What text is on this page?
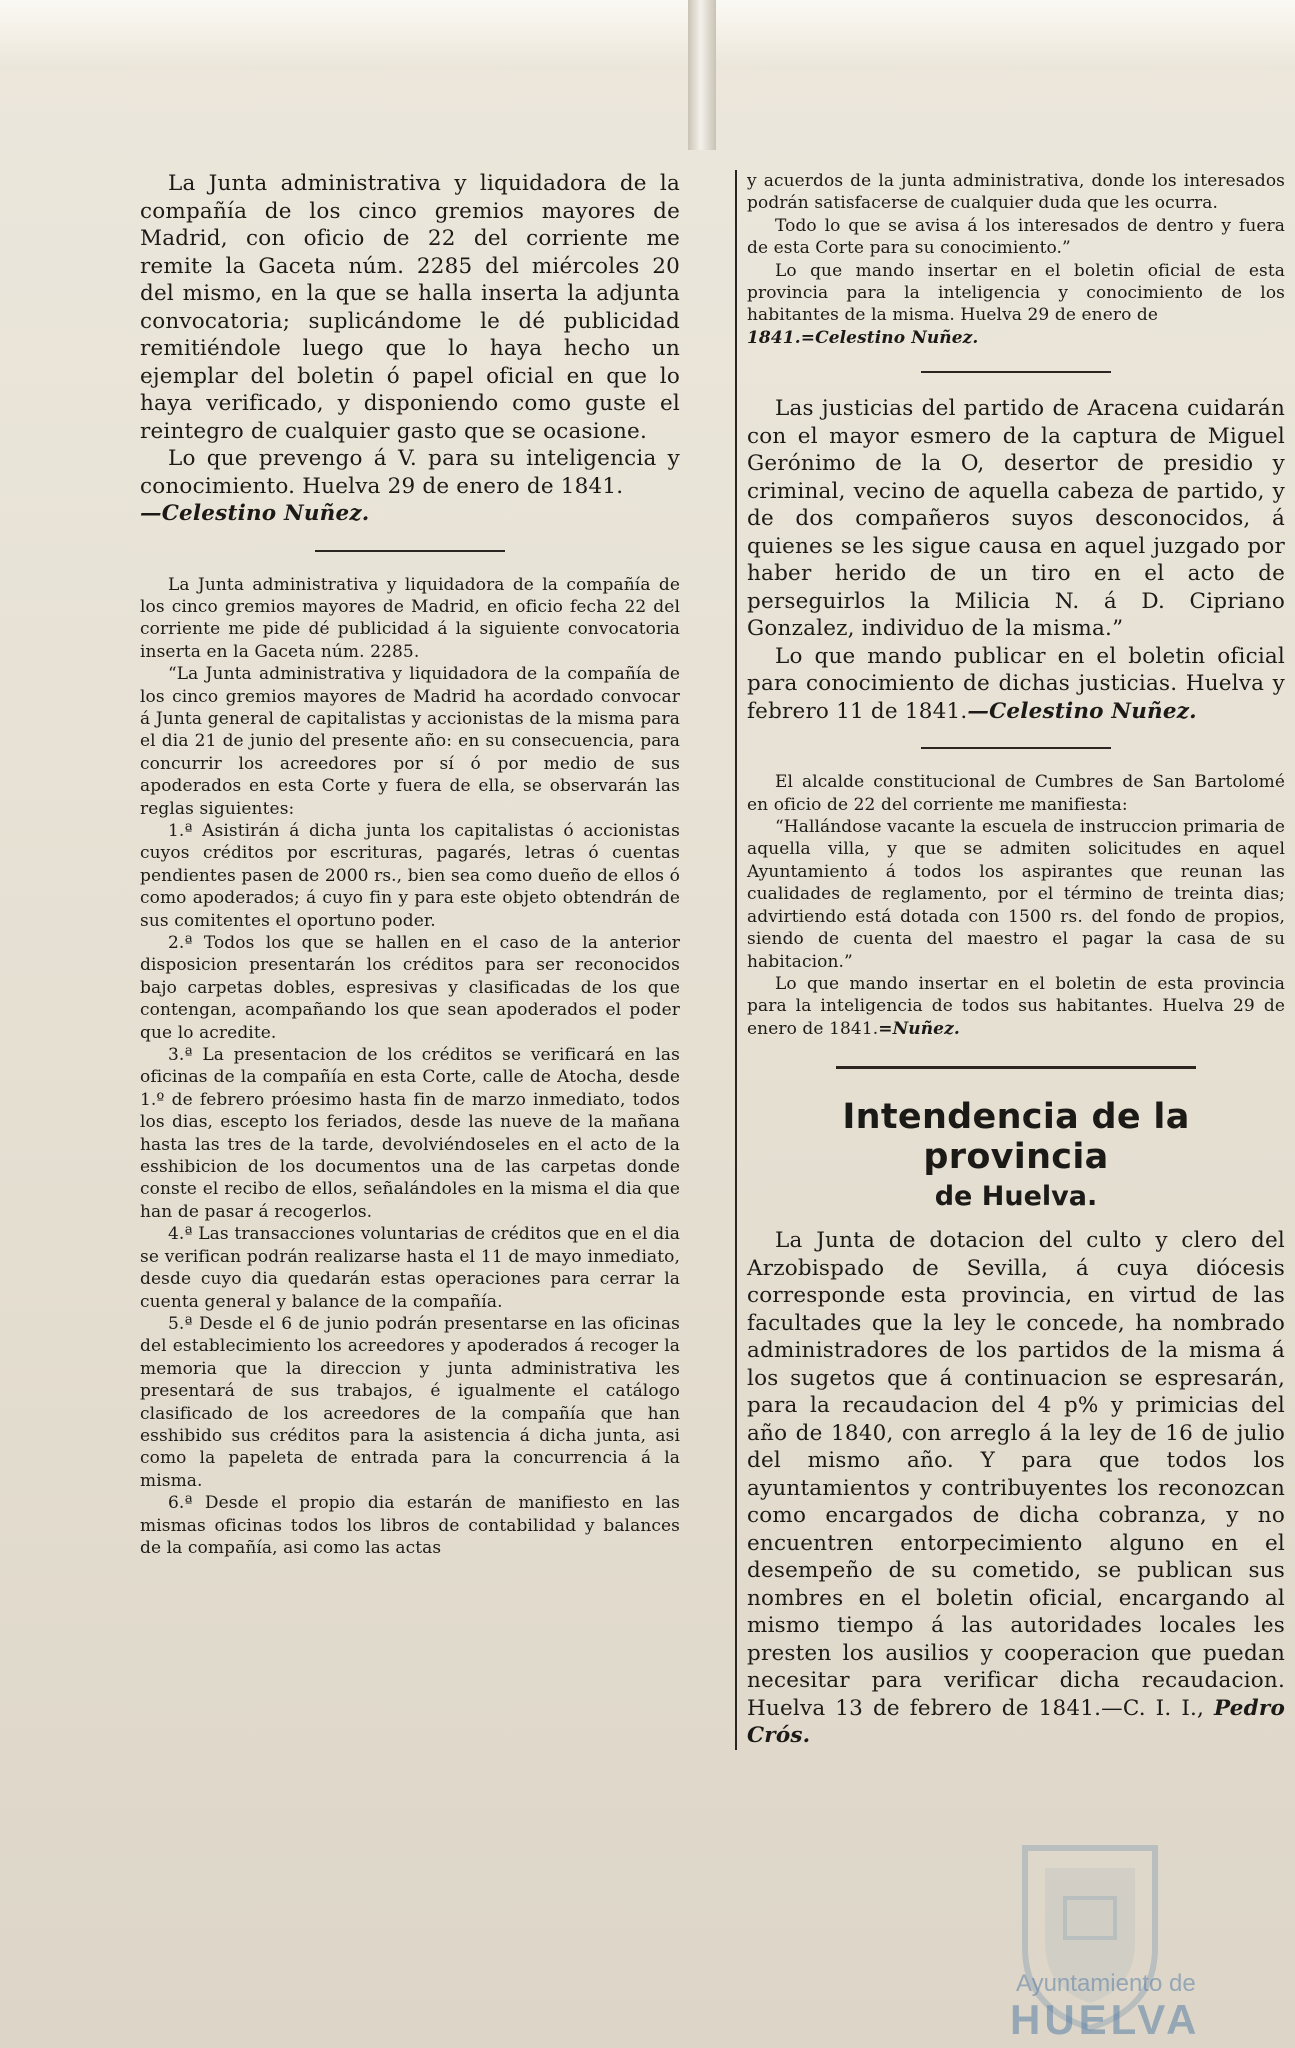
La Junta administrativa y liquidadora de la compañía de los cinco gremios mayores de Madrid, con oficio de 22 del corriente me remite la Gaceta núm. 2285 del miércoles 20 del mismo, en la que se halla inserta la adjunta convocatoria; suplicándome le dé publicidad remitiéndole luego que lo haya hecho un ejemplar del boletin ó papel oficial en que lo haya verificado, y disponiendo como guste el reintegro de cualquier gasto que se ocasione.

Lo que prevengo á V. para su inteligencia y conocimiento. Huelva 29 de enero de 1841.

—Celestino Nuñez.

La Junta administrativa y liquidadora de la compañía de los cinco gremios mayores de Madrid, en oficio fecha 22 del corriente me pide dé publicidad á la siguiente convocatoria inserta en la Gaceta núm. 2285.

“La Junta administrativa y liquidadora de la compañía de los cinco gremios mayores de Madrid ha acordado convocar á Junta general de capitalistas y accionistas de la misma para el dia 21 de junio del presente año: en su consecuencia, para concurrir los acreedores por sí ó por medio de sus apoderados en esta Corte y fuera de ella, se observarán las reglas siguientes:

1.ª Asistirán á dicha junta los capitalistas ó accionistas cuyos créditos por escrituras, pagarés, letras ó cuentas pendientes pasen de 2000 rs., bien sea como dueño de ellos ó como apoderados; á cuyo fin y para este objeto obtendrán de sus comitentes el oportuno poder.

2.ª Todos los que se hallen en el caso de la anterior disposicion presentarán los créditos para ser reconocidos bajo carpetas dobles, espresivas y clasificadas de los que contengan, acompañando los que sean apoderados el poder que lo acredite.

3.ª La presentacion de los créditos se verificará en las oficinas de la compañía en esta Corte, calle de Atocha, desde 1.º de febrero próesimo hasta fin de marzo inmediato, todos los dias, escepto los feriados, desde las nueve de la mañana hasta las tres de la tarde, devolviéndoseles en el acto de la esshibicion de los documentos una de las carpetas donde conste el recibo de ellos, señalándoles en la misma el dia que han de pasar á recogerlos.

4.ª Las transacciones voluntarias de créditos que en el dia se verifican podrán realizarse hasta el 11 de mayo inmediato, desde cuyo dia quedarán estas operaciones para cerrar la cuenta general y balance de la compañía.

5.ª Desde el 6 de junio podrán presentarse en las oficinas del establecimiento los acreedores y apoderados á recoger la memoria que la direccion y junta administrativa les presentará de sus trabajos, é igualmente el catálogo clasificado de los acreedores de la compañía que han esshibido sus créditos para la asistencia á dicha junta, asi como la papeleta de entrada para la concurrencia á la misma.

6.ª Desde el propio dia estarán de manifiesto en las mismas oficinas todos los libros de contabilidad y balances de la compañía, asi como las actas

y acuerdos de la junta administrativa, donde los interesados podrán satisfacerse de cualquier duda que les ocurra.

Todo lo que se avisa á los interesados de dentro y fuera de esta Corte para su conocimiento.”

Lo que mando insertar en el boletin oficial de esta provincia para la inteligencia y conocimiento de los habitantes de la misma. Huelva 29 de enero de

1841.=Celestino Nuñez.

Las justicias del partido de Aracena cuidarán con el mayor esmero de la captura de Miguel Gerónimo de la O, desertor de presidio y criminal, vecino de aquella cabeza de partido, y de dos compañeros suyos desconocidos, á quienes se les sigue causa en aquel juzgado por haber herido de un tiro en el acto de perseguirlos la Milicia N. á D. Cipriano Gonzalez, individuo de la misma.”

Lo que mando publicar en el boletin oficial para conocimiento de dichas justicias. Huelva y febrero 11 de 1841.—Celestino Nuñez.

El alcalde constitucional de Cumbres de San Bartolomé en oficio de 22 del corriente me manifiesta:

“Hallándose vacante la escuela de instruccion primaria de aquella villa, y que se admiten solicitudes en aquel Ayuntamiento á todos los aspirantes que reunan las cualidades de reglamento, por el término de treinta dias; advirtiendo está dotada con 1500 rs. del fondo de propios, siendo de cuenta del maestro el pagar la casa de su habitacion.”

Lo que mando insertar en el boletin de esta provincia para la inteligencia de todos sus habitantes. Huelva 29 de enero de 1841.=Nuñez.

Intendencia de la provincia
de Huelva.

La Junta de dotacion del culto y clero del Arzobispado de Sevilla, á cuya diócesis corresponde esta provincia, en virtud de las facultades que la ley le concede, ha nombrado administradores de los partidos de la misma á los sugetos que á continuacion se espresarán, para la recaudacion del 4 p% y primicias del año de 1840, con arreglo á la ley de 16 de julio del mismo año. Y para que todos los ayuntamientos y contribuyentes los reconozcan como encargados de dicha cobranza, y no encuentren entorpecimiento alguno en el desempeño de su cometido, se publican sus nombres en el boletin oficial, encargando al mismo tiempo á las autoridades locales les presten los ausilios y cooperacion que puedan necesitar para verificar dicha recaudacion. Huelva 13 de febrero de 1841.—C. I. I., Pedro Crós.

Ayuntamiento de
HUELVA
